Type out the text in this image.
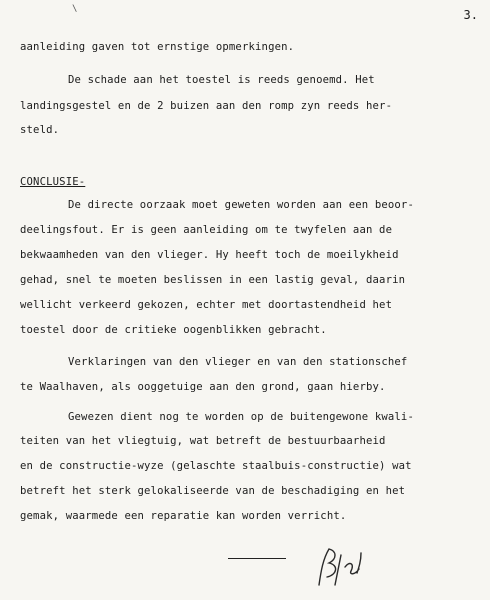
\	3.
aanleiding gaven tot ernstige opmerkingen.
De schade aan het toestel is reeds genoemd. Het
landingsgestel en de 2 buizen aan den romp zyn reeds her-
steld.
CONCLUSIE-
De directe oorzaak moet geweten worden aan een beoor-
deelingsfout. Er is geen aanleiding om te twyfelen aan de
bekwaamheden van den vlieger. Hy heeft toch de moeilykheid
gehad, snel te moeten beslissen in een lastig geval, daarin
wellicht verkeerd gekozen, echter met doortastendheid het
toestel door de critieke oogenblikken gebracht.
Verklaringen van den vlieger en van den stationschef
te Waalhaven, als ooggetuige aan den grond, gaan hierby.
Gewezen dient nog te worden op de buitengewone kwali-
teiten van het vliegtuig, wat betreft de bestuurbaarheid
en de constructie-wyze (gelaschte staalbuis-constructie) wat
betreft het sterk gelokaliseerde van de beschadiging en het
gemak, waarmede een reparatie kan worden verricht.
